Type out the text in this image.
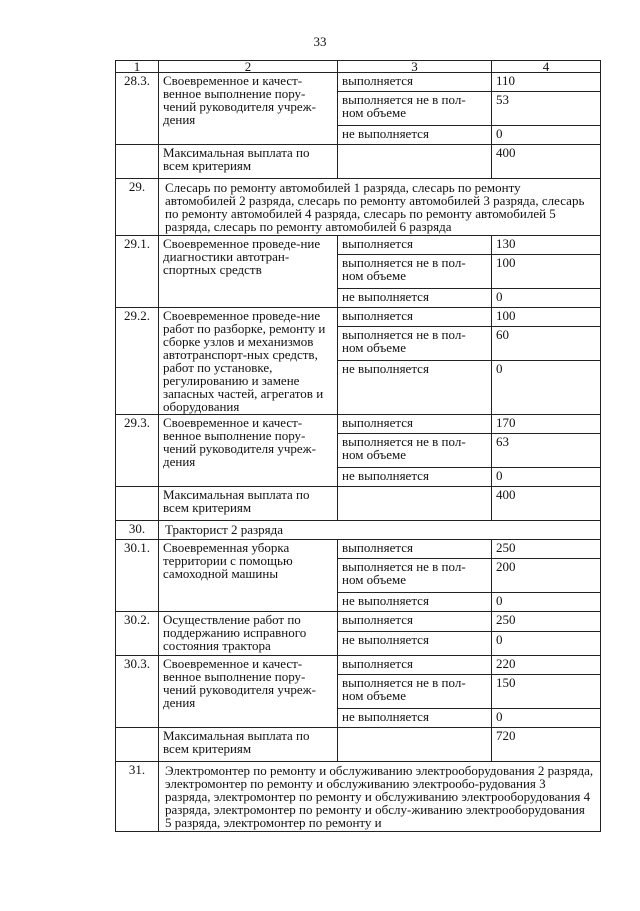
33
1	2	3	4
28.3.	Своевременное и качест-венное выполнение пору-чений руководителя учреж-дения	выполняется	110
		выполняется не в пол-ном объеме	53
		не выполняется	0
	Максимальная выплата по всем критериям		400
29.	Слесарь по ремонту автомобилей 1 разряда, слесарь по ремонту автомобилей 2 разряда, слесарь по ремонту автомобилей 3 разряда, слесарь по ремонту автомобилей 4 разряда, слесарь по ремонту автомобилей 5 разряда, слесарь по ремонту автомобилей 6 разряда		
29.1.	Своевременное проведе-ние диагностики автотран-спортных средств	выполняется	130
		выполняется не в пол-ном объеме	100
		не выполняется	0
29.2.	Своевременное проведе-ние работ по разборке, ремонту и сборке узлов и механизмов автотранспорт-ных средств, работ по установке, регулированию и замене запасных частей, агрегатов и оборудования	выполняется	100
		выполняется не в пол-ном объеме	60
		не выполняется	0
29.3.	Своевременное и качест-венное выполнение пору-чений руководителя учреж-дения	выполняется	170
		выполняется не в пол-ном объеме	63
		не выполняется	0
	Максимальная выплата по всем критериям		400
30.	Тракторист 2 разряда		
30.1.	Своевременная уборка территории с помощью самоходной машины	выполняется	250
		выполняется не в пол-ном объеме	200
		не выполняется	0
30.2.	Осуществление работ по поддержанию исправного состояния трактора	выполняется	250
		не выполняется	0
30.3.	Своевременное и качест-венное выполнение пору-чений руководителя учреж-дения	выполняется	220
		выполняется не в пол-ном объеме	150
		не выполняется	0
	Максимальная выплата по всем критериям		720
31.	Электромонтер по ремонту и обслуживанию электрооборудования 2 разряда, электромонтер по ремонту и обслуживанию электрообо-рудования 3 разряда, электромонтер по ремонту и обслуживанию электрооборудования 4 разряда, электромонтер по ремонту и обслу-живанию электрооборудования 5 разряда, электромонтер по ремонту и		
